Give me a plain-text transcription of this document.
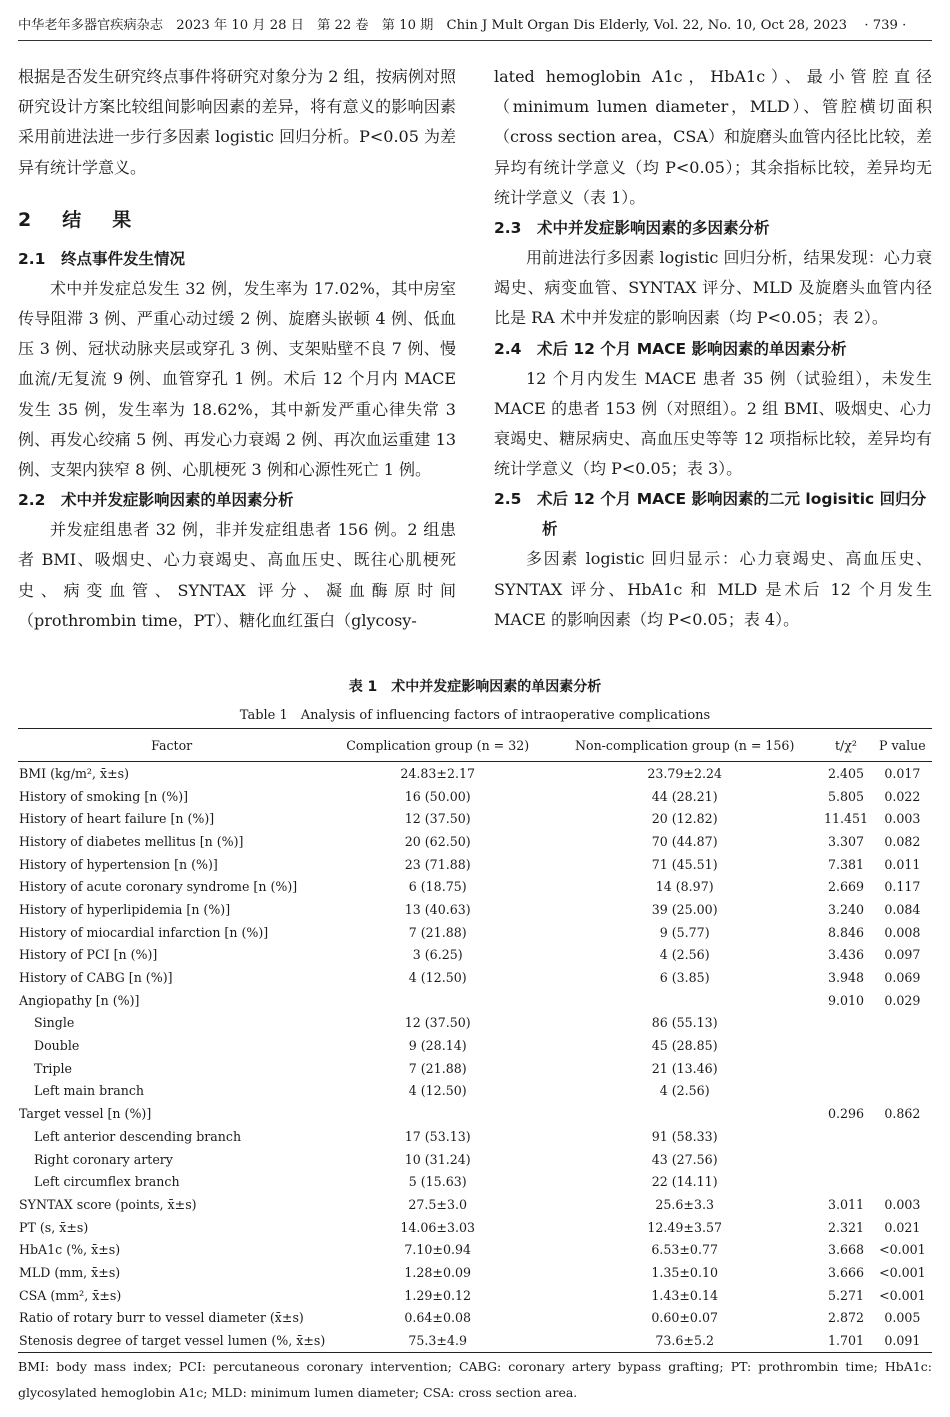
中华老年多器官疾病杂志　2023 年 10 月 28 日　第 22 卷　第 10 期　Chin J Mult Organ Dis Elderly, Vol. 22, No. 10, Oct 28, 2023　 · 739 ·

根据是否发生研究终点事件将研究对象分为 2 组，按病例对照研究设计方案比较组间影响因素的差异，将有意义的影响因素采用前进法进一步行多因素 logistic 回归分析。P<0.05 为差异有统计学意义。

2　结　果
2.1　终点事件发生情况

术中并发症总发生 32 例，发生率为 17.02%，其中房室传导阻滞 3 例、严重心动过缓 2 例、旋磨头嵌顿 4 例、低血压 3 例、冠状动脉夹层或穿孔 3 例、支架贴壁不良 7 例、慢血流/无复流 9 例、血管穿孔 1 例。术后 12 个月内 MACE 发生 35 例，发生率为 18.62%，其中新发严重心律失常 3 例、再发心绞痛 5 例、再发心力衰竭 2 例、再次血运重建 13 例、支架内狭窄 8 例、心肌梗死 3 例和心源性死亡 1 例。

2.2　术中并发症影响因素的单因素分析

并发症组患者 32 例，非并发症组患者 156 例。2 组患者 BMI、吸烟史、心力衰竭史、高血压史、既往心肌梗死史、病变血管、SYNTAX 评分、凝血酶原时间（prothrombin time，PT）、糖化血红蛋白（glycosy-

lated hemoglobin A1c，HbA1c）、最小管腔直径（minimum lumen diameter，MLD）、管腔横切面积（cross section area，CSA）和旋磨头血管内径比比较，差异均有统计学意义（均 P<0.05）；其余指标比较，差异均无统计学意义（表 1）。

2.3　术中并发症影响因素的多因素分析

用前进法行多因素 logistic 回归分析，结果发现：心力衰竭史、病变血管、SYNTAX 评分、MLD 及旋磨头血管内径比是 RA 术中并发症的影响因素（均 P<0.05；表 2）。

2.4　术后 12 个月 MACE 影响因素的单因素分析

12 个月内发生 MACE 患者 35 例（试验组），未发生 MACE 的患者 153 例（对照组）。2 组 BMI、吸烟史、心力衰竭史、糖尿病史、高血压史等等 12 项指标比较，差异均有统计学意义（均 P<0.05；表 3）。

2.5　术后 12 个月 MACE 影响因素的二元 logisitic 回归分析

多因素 logistic 回归显示：心力衰竭史、高血压史、SYNTAX 评分、HbA1c 和 MLD 是术后 12 个月发生 MACE 的影响因素（均 P<0.05；表 4）。

表 1　术中并发症影响因素的单因素分析
Table 1　Analysis of influencing factors of intraoperative complications
Factor	Complication group (n = 32)	Non-complication group (n = 156)	t/χ²	P value
BMI (kg/m², x̄±s)	24.83±2.17	23.79±2.24	2.405	0.017
History of smoking [n (%)]	16 (50.00)	44 (28.21)	5.805	0.022
History of heart failure [n (%)]	12 (37.50)	20 (12.82)	11.451	0.003
History of diabetes mellitus [n (%)]	20 (62.50)	70 (44.87)	3.307	0.082
History of hypertension [n (%)]	23 (71.88)	71 (45.51)	7.381	0.011
History of acute coronary syndrome [n (%)]	6 (18.75)	14 (8.97)	2.669	0.117
History of hyperlipidemia [n (%)]	13 (40.63)	39 (25.00)	3.240	0.084
History of miocardial infarction [n (%)]	7 (21.88)	9 (5.77)	8.846	0.008
History of PCI [n (%)]	3 (6.25)	4 (2.56)	3.436	0.097
History of CABG [n (%)]	4 (12.50)	6 (3.85)	3.948	0.069
Angiopathy [n (%)]			9.010	0.029
Single	12 (37.50)	86 (55.13)		
Double	9 (28.14)	45 (28.85)		
Triple	7 (21.88)	21 (13.46)		
Left main branch	4 (12.50)	4 (2.56)		
Target vessel [n (%)]			0.296	0.862
Left anterior descending branch	17 (53.13)	91 (58.33)		
Right coronary artery	10 (31.24)	43 (27.56)		
Left circumflex branch	5 (15.63)	22 (14.11)		
SYNTAX score (points, x̄±s)	27.5±3.0	25.6±3.3	3.011	0.003
PT (s, x̄±s)	14.06±3.03	12.49±3.57	2.321	0.021
HbA1c (%, x̄±s)	7.10±0.94	6.53±0.77	3.668	<0.001
MLD (mm, x̄±s)	1.28±0.09	1.35±0.10	3.666	<0.001
CSA (mm², x̄±s)	1.29±0.12	1.43±0.14	5.271	<0.001
Ratio of rotary burr to vessel diameter (x̄±s)	0.64±0.08	0.60±0.07	2.872	0.005
Stenosis degree of target vessel lumen (%, x̄±s)	75.3±4.9	73.6±5.2	1.701	0.091
BMI: body mass index; PCI: percutaneous coronary intervention; CABG: coronary artery bypass grafting; PT: prothrombin time; HbA1c: glycosylated hemoglobin A1c; MLD: minimum lumen diameter; CSA: cross section area.
